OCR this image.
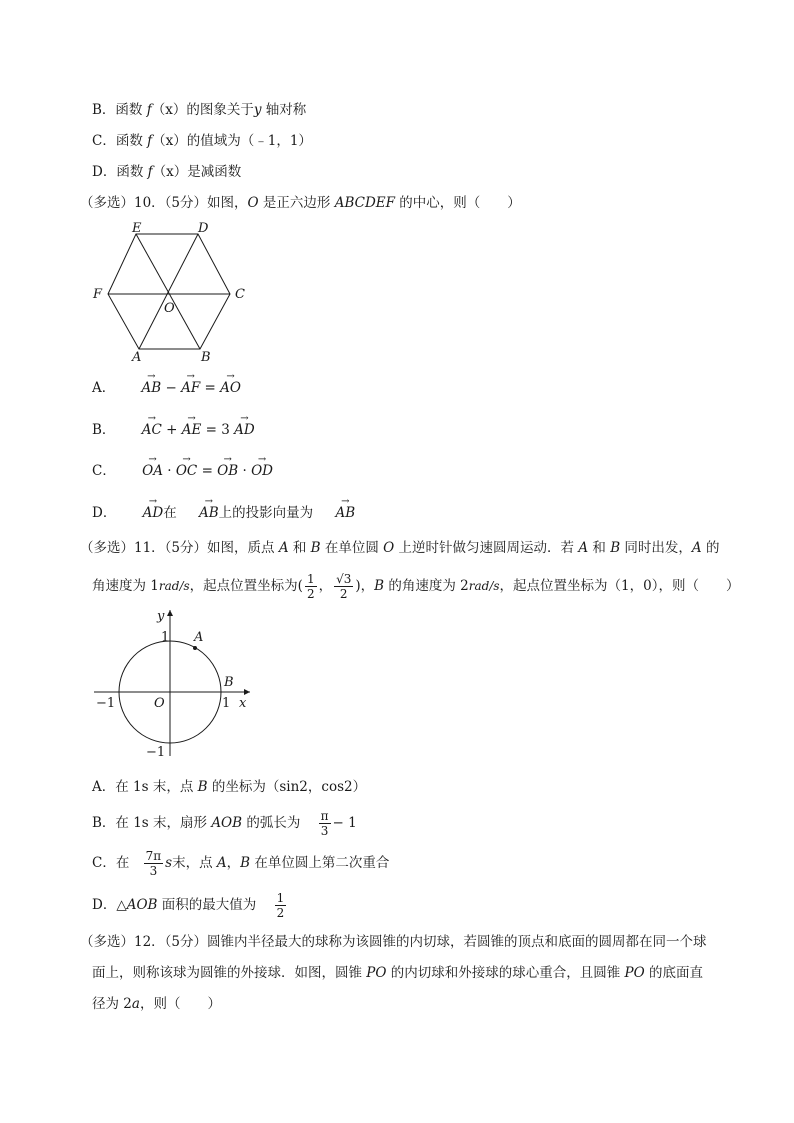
B．函数 f（x）的图象关于y 轴对称
C．函数 f（x）的值域为（﹣1，1）
D．函数 f（x）是减函数
（多选）10．（5分）如图，O 是正六边形 ABCDEF 的中心，则（　　）
E	D
F	C
O
A	B
A． → AB − → AF = → AO
B． → AC + → AE = 3 → AD
C． → OA · → OC = → OB · → OD
D． → AD在 → AB上的投影向量为 → AB
（多选）11．（5分）如图，质点 A 和 B 在单位圆 O 上逆时针做匀速圆周运动．若 A 和 B 同时出发，A 的
角速度为 1rad/s，起点位置坐标为( $\frac{1}{2}$ ， $\frac{√3}{2}$ )，B 的角速度为 2rad/s，起点位置坐标为（1，0），则（　　）
y
x
1
−1
−1	1
O
A
B
A．在 1s 末，点 B 的坐标为（sin2，cos2）
B．在 1s 末，扇形 AOB 的弧长为 $\frac{\pi}{3} - 1$
C．在 $\frac{7\pi}{3}$ s末，点 A，B 在单位圆上第二次重合
D．△AOB 面积的最大值为 $\frac{1}{2}$
（多选）12．（5分）圆锥内半径最大的球称为该圆锥的内切球，若圆锥的顶点和底面的圆周都在同一个球
面上，则称该球为圆锥的外接球．如图，圆锥 PO 的内切球和外接球的球心重合，且圆锥 PO 的底面直
径为 2a，则（　　）
